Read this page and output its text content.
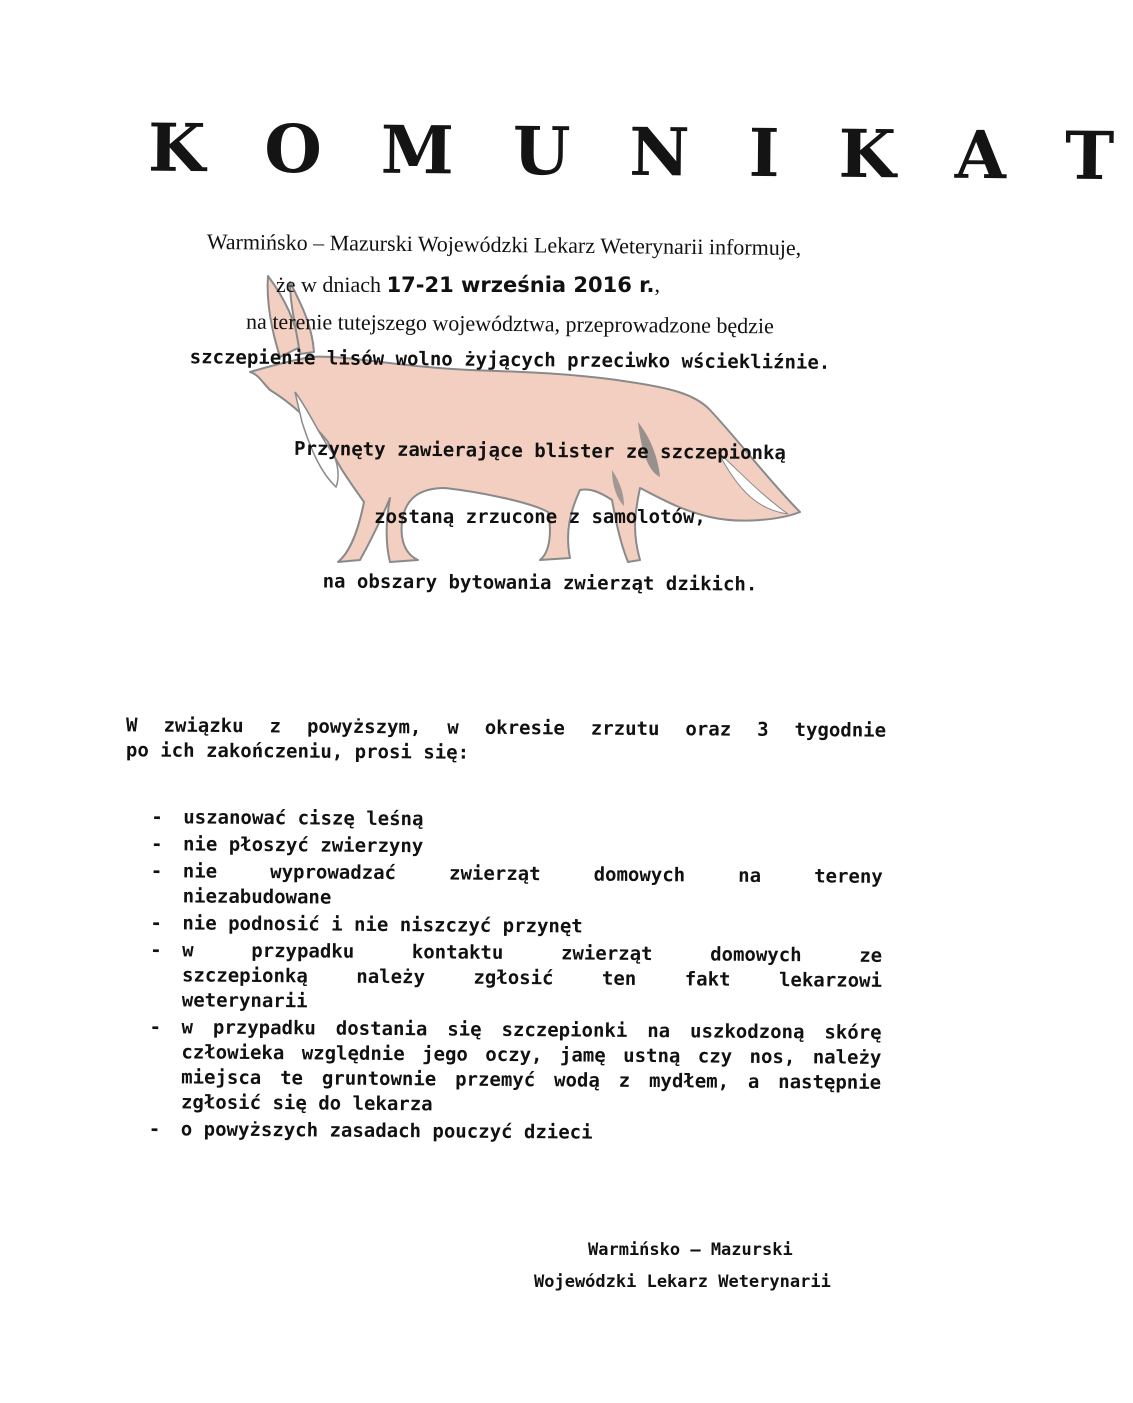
K O M U N I K A T
Warmińsko – Mazurski Wojewódzki Lekarz Weterynarii informuje,
że w dniach 17-21 września 2016 r.,
na terenie tutejszego województwa, przeprowadzone będzie
szczepienie lisów wolno żyjących przeciwko wściekliźnie.
Przynęty zawierające blister ze szczepionką
zostaną zrzucone z samolotów,
na obszary bytowania zwierząt dzikich.
W związku z powyższym, w okresie zrzutu oraz 3 tygodnie
po ich zakończeniu, prosi się:
- uszanować ciszę leśną
- nie płoszyć zwierzyny
- nie	wyprowadzać	zwierząt	domowych	na	tereny
niezabudowane
- nie podnosić i nie niszczyć przynęt
- w	przypadku	kontaktu	zwierząt	domowych	ze
szczepionką	należy	zgłosić	ten	fakt	lekarzowi
weterynarii
- w przypadku dostania się szczepionki na uszkodzoną skórę człowieka względnie jego oczy, jamę ustną czy nos, należy miejsca te gruntownie przemyć wodą z mydłem, a następnie zgłosić się do lekarza
- o powyższych zasadach pouczyć dzieci
Warmińsko – Mazurski
Wojewódzki Lekarz Weterynarii
